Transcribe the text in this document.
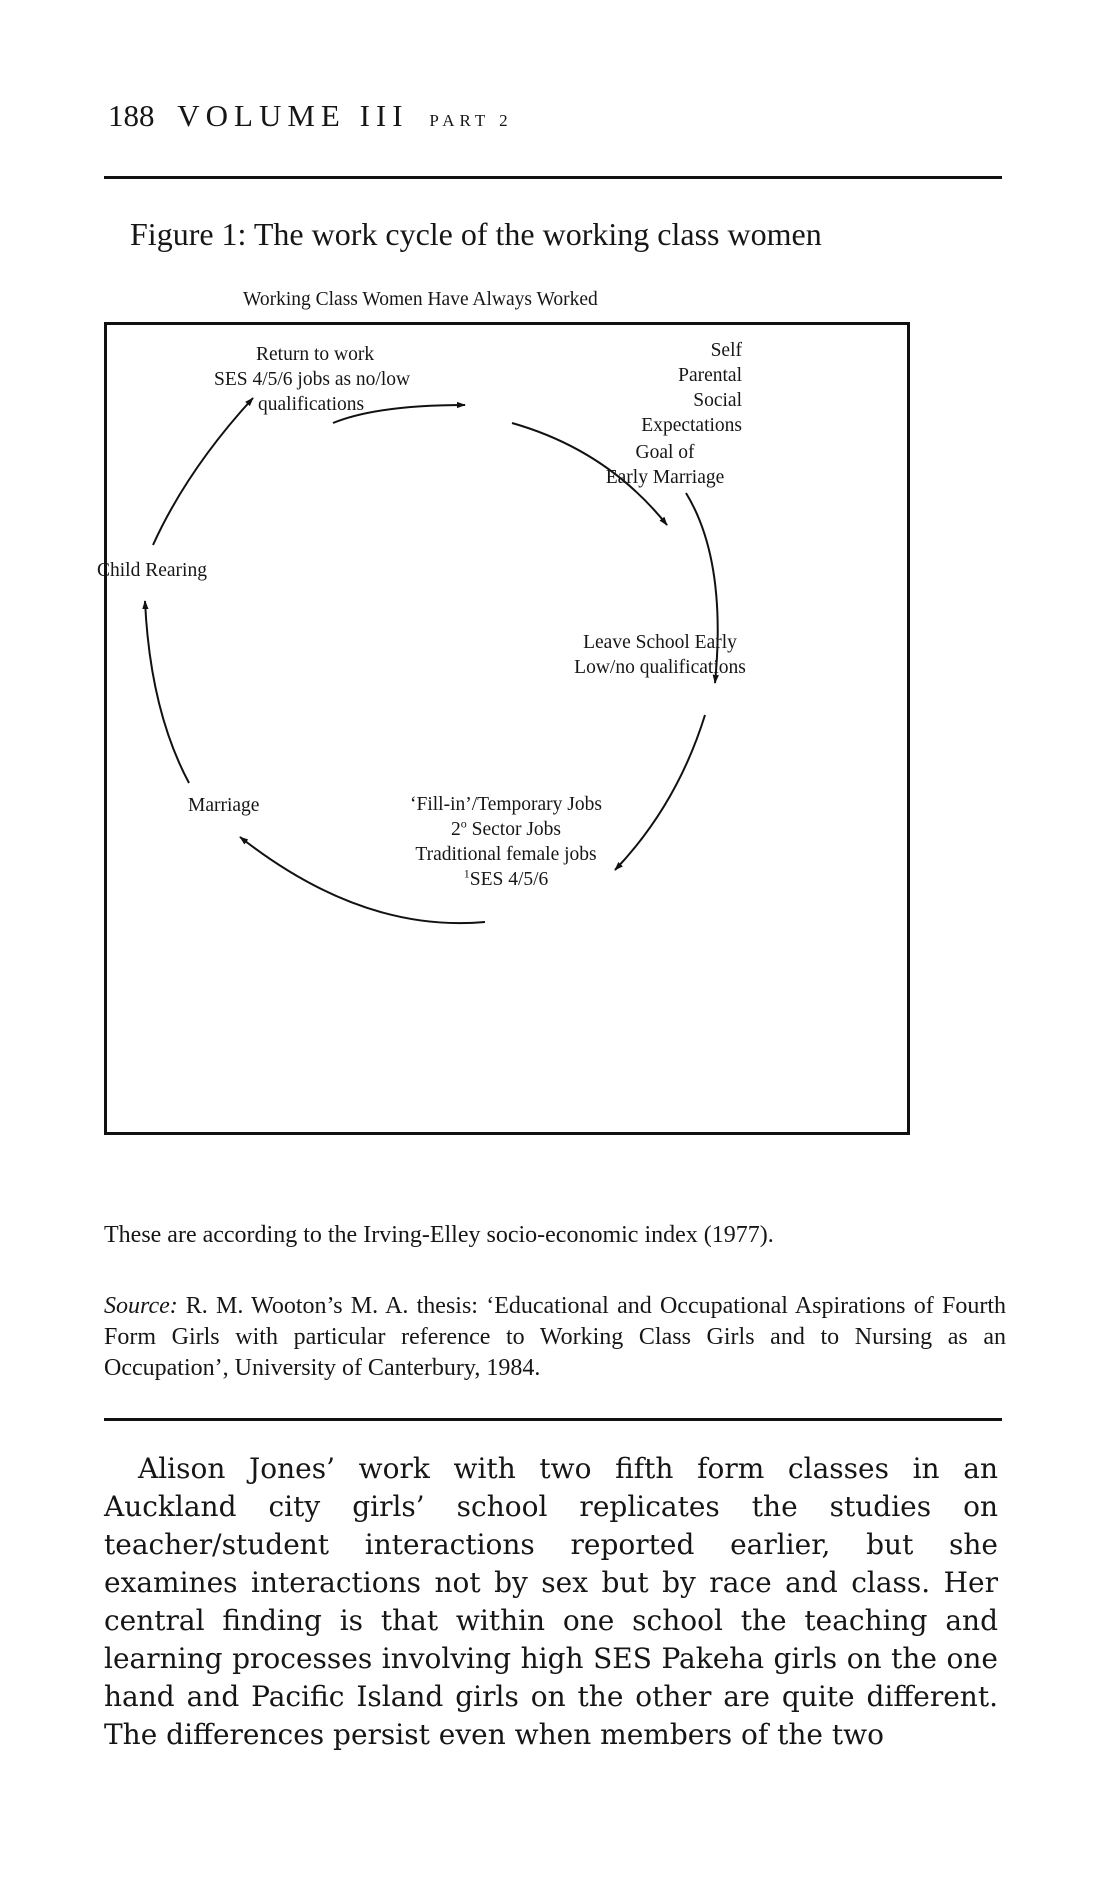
188 VOLUME III PART 2
Figure 1: The work cycle of the working class women
Working Class Women Have Always Worked
Self
Parental
Social
Expectations
Goal of
Early Marriage
Leave School Early
Low/no qualifications
‘Fill-in’/Temporary Jobs
2$^o$ Sector Jobs
Traditional female jobs
$^1$SES 4/5/6
Marriage
Child Rearing
Return to work
SES 4/5/6 jobs as no/low
qualifications
These are according to the Irving-Elley socio-economic index (1977).
Source: R. M. Wooton’s M. A. thesis: ‘Educational and Occupational Aspirations of Fourth Form Girls with particular reference to Working Class Girls and to Nursing as an Occupation’, University of Canterbury, 1984.
Alison Jones’ work with two fifth form classes in an Auckland city girls’ school replicates the studies on teacher/student interactions reported earlier, but she examines interactions not by sex but by race and class. Her central finding is that within one school the teaching and learning processes involving high SES Pakeha girls on the one hand and Pacific Island girls on the other are quite different. The differences persist even when members of the two
